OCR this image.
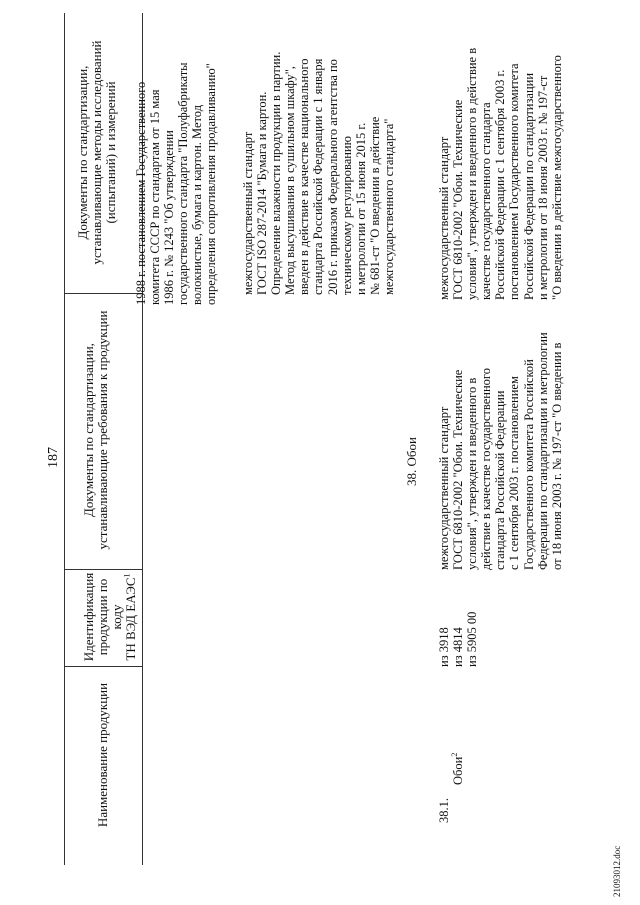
187
Наименование продукции
Идентификация
продукции по коду
ТН ВЭД ЕАЭС$^1$
Документы по стандартизации, устанавливающие требования к продукции
Документы по стандартизации, устанавливающие методы исследований (испытаний) и измерений
1988 г. постановлением Государственного
комитета СССР по стандартам от 15 мая
1986 г. № 1243 "Об утверждении
государственного стандарта "Полуфабрикаты
волокнистые, бумага и картон. Метод
определения сопротивления продавливанию"
межгосударственный стандарт
ГОСТ ISO 287-2014 "Бумага и картон.
Определение влажности продукции в партии.
Метод высушивания в сушильном шкафу",
введен в действие в качестве национального
стандарта Российской Федерации с 1 января
2016 г. приказом Федерального агентства по
техническому регулированию
и метрологии от 15 июня 2015 г.
№ 681-ст "О введении в действие
межгосударственного стандарта"
38. Обои
38.1.

Обои$^2$

из 3918
из 4814
из 5905 00
межгосударственный стандарт
ГОСТ 6810-2002 "Обои. Технические
условия", утвержден и введенного в
действие в качестве государственного
стандарта Российской Федерации
с 1 сентября 2003 г. постановлением
Государственного комитета Российской
Федерации по стандартизации и метрологии
от 18 июня 2003 г. № 197-ст "О введении в
межгосударственный стандарт
ГОСТ 6810-2002 "Обои. Технические
условия", утвержден и введенного в действие в
качестве государственного стандарта
Российской Федерации с 1 сентября 2003 г.
постановлением Государственного комитета
Российской Федерации по стандартизации
и метрологии от 18 июня 2003 г. № 197-ст
"О введении в действие межгосударственного
21093012.doc
